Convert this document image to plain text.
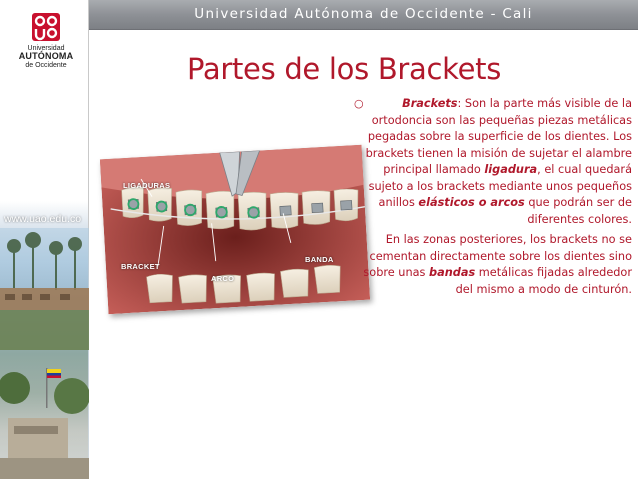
Universidad
AUTÓNOMA
de Occidente
www.uao.edu.co
Universidad Autónoma de Occidente - Cali
Partes de los Brackets
LIGADURAS
BANDA
BRACKET
ARCO
○	Brackets: Son la parte más visible de la ortodoncia son las pequeñas piezas metálicas pegadas sobre la superficie de los dientes. Los brackets tienen la misión de sujetar el alambre principal llamado ligadura, el cual quedará sujeto a los brackets mediante unos pequeños anillos elásticos o arcos que podrán ser de diferentes colores.
En las zonas posteriores, los brackets no se cementan directamente sobre los dientes sino sobre unas bandas metálicas fijadas alrededor del mismo a modo de cinturón.
